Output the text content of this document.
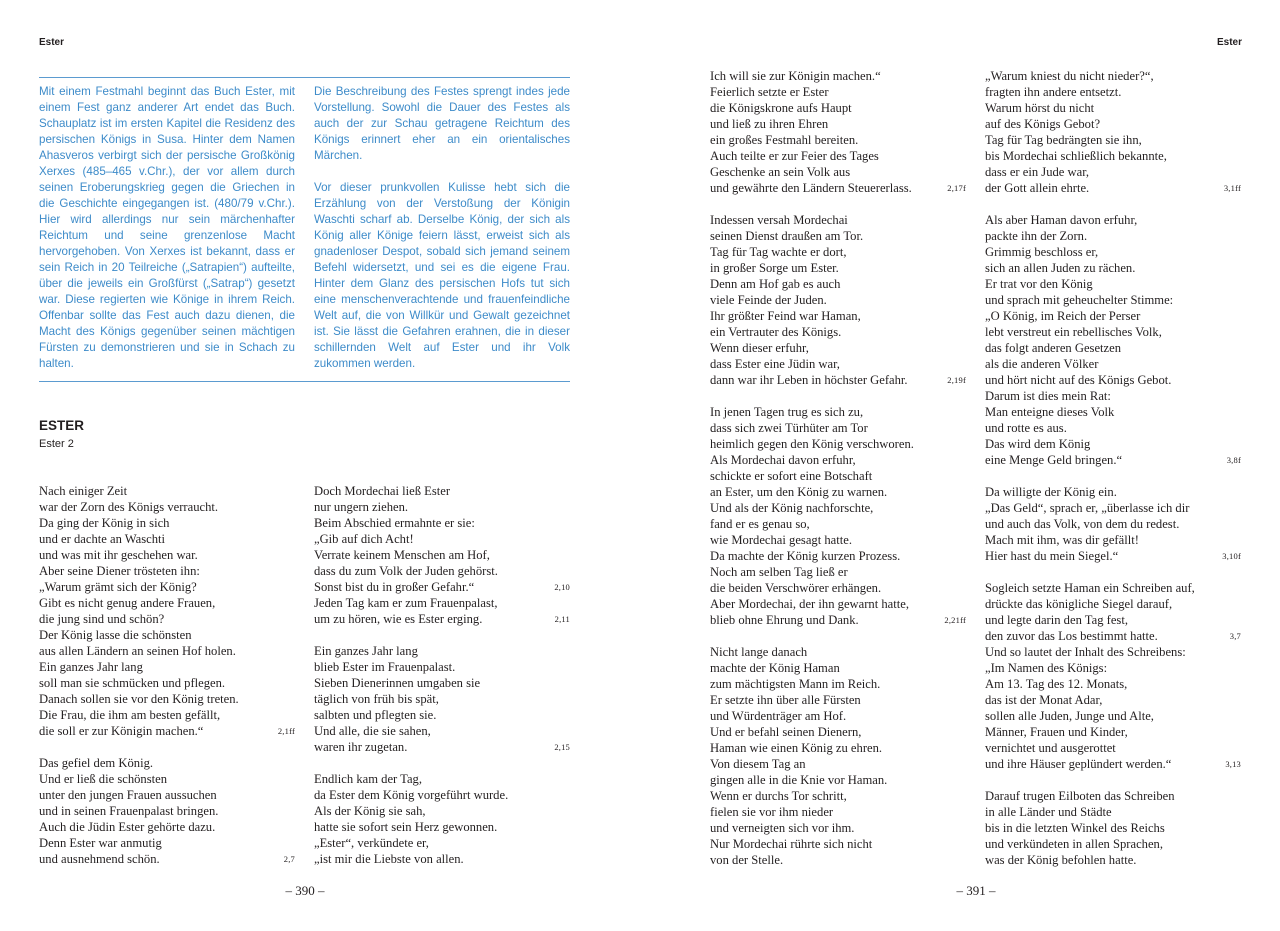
Ester

Mit einem Festmahl beginnt das Buch Ester, mit einem Fest ganz anderer Art endet das Buch. Schauplatz ist im ersten Kapitel die Residenz des persischen Königs in Susa. Hinter dem Namen Ahasveros verbirgt sich der persische Großkönig Xerxes (485–465 v.Chr.), der vor allem durch seinen Eroberungskrieg gegen die Griechen in die Geschichte eingegangen ist. (480/79 v.Chr.). Hier wird allerdings nur sein märchenhafter Reichtum und seine grenzenlose Macht hervorgehoben. Von Xerxes ist bekannt, dass er sein Reich in 20 Teilreiche („Satrapien“) aufteilte, über die jeweils ein Großfürst („Satrap“) gesetzt war. Diese regierten wie Könige in ihrem Reich. Offenbar sollte das Fest auch dazu dienen, die Macht des Königs gegenüber seinen mächtigen Fürsten zu demonstrieren und sie in Schach zu halten.

Die Beschreibung des Festes sprengt indes jede Vorstellung. Sowohl die Dauer des Festes als auch der zur Schau getragene Reichtum des Königs erinnert eher an ein orientalisches Märchen.

Vor dieser prunkvollen Kulisse hebt sich die Erzählung von der Verstoßung der Königin Waschti scharf ab. Derselbe König, der sich als König aller Könige feiern lässt, erweist sich als gnadenloser Despot, sobald sich jemand seinem Befehl widersetzt, und sei es die eigene Frau. Hinter dem Glanz des persischen Hofs tut sich eine menschenverachtende und frauenfeindliche Welt auf, die von Willkür und Gewalt gezeichnet ist. Sie lässt die Gefahren erahnen, die in dieser schillernden Welt auf Ester und ihr Volk zukommen werden.

ESTER

Ester 2

Nach einiger Zeit
war der Zorn des Königs verraucht.
Da ging der König in sich
und er dachte an Waschti
und was mit ihr geschehen war.
Aber seine Diener trösteten ihn:
„Warum grämt sich der König?
Gibt es nicht genug andere Frauen,
die jung sind und schön?
Der König lasse die schönsten
aus allen Ländern an seinen Hof holen.
Ein ganzes Jahr lang
soll man sie schmücken und pflegen.
Danach sollen sie vor den König treten.
Die Frau, die ihm am besten gefällt,
die soll er zur Königin machen.“	2,1ff
Das gefiel dem König.
Und er ließ die schönsten
unter den jungen Frauen aussuchen
und in seinen Frauenpalast bringen.
Auch die Jüdin Ester gehörte dazu.
Denn Ester war anmutig
und ausnehmend schön.	2,7
Doch Mordechai ließ Ester
nur ungern ziehen.
Beim Abschied ermahnte er sie:
„Gib auf dich Acht!
Verrate keinem Menschen am Hof,
dass du zum Volk der Juden gehörst.
Sonst bist du in großer Gefahr.“	2,10
Jeden Tag kam er zum Frauenpalast,
um zu hören, wie es Ester erging.	2,11
Ein ganzes Jahr lang
blieb Ester im Frauenpalast.
Sieben Dienerinnen umgaben sie
täglich von früh bis spät,
salbten und pflegten sie.
Und alle, die sie sahen,
waren ihr zugetan.	2,15
Endlich kam der Tag,
da Ester dem König vorgeführt wurde.
Als der König sie sah,
hatte sie sofort sein Herz gewonnen.
„Ester“, verkündete er,
„ist mir die Liebste von allen.

– 390 –

Ester

Ich will sie zur Königin machen.“
Feierlich setzte er Ester
die Königskrone aufs Haupt
und ließ zu ihren Ehren
ein großes Festmahl bereiten.
Auch teilte er zur Feier des Tages
Geschenke an sein Volk aus
und gewährte den Ländern Steuererlass.	2,17f
Indessen versah Mordechai
seinen Dienst draußen am Tor.
Tag für Tag wachte er dort,
in großer Sorge um Ester.
Denn am Hof gab es auch
viele Feinde der Juden.
Ihr größter Feind war Haman,
ein Vertrauter des Königs.
Wenn dieser erfuhr,
dass Ester eine Jüdin war,
dann war ihr Leben in höchster Gefahr.	2,19f
In jenen Tagen trug es sich zu,
dass sich zwei Türhüter am Tor
heimlich gegen den König verschworen.
Als Mordechai davon erfuhr,
schickte er sofort eine Botschaft
an Ester, um den König zu warnen.
Und als der König nachforschte,
fand er es genau so,
wie Mordechai gesagt hatte.
Da machte der König kurzen Prozess.
Noch am selben Tag ließ er
die beiden Verschwörer erhängen.
Aber Mordechai, der ihn gewarnt hatte,
blieb ohne Ehrung und Dank.	2,21ff
Nicht lange danach
machte der König Haman
zum mächtigsten Mann im Reich.
Er setzte ihn über alle Fürsten
und Würdenträger am Hof.
Und er befahl seinen Dienern,
Haman wie einen König zu ehren.
Von diesem Tag an
gingen alle in die Knie vor Haman.
Wenn er durchs Tor schritt,
fielen sie vor ihm nieder
und verneigten sich vor ihm.
Nur Mordechai rührte sich nicht
von der Stelle.
„Warum kniest du nicht nieder?“,
fragten ihn andere entsetzt.
Warum hörst du nicht
auf des Königs Gebot?
Tag für Tag bedrängten sie ihn,
bis Mordechai schließlich bekannte,
dass er ein Jude war,
der Gott allein ehrte.	3,1ff
Als aber Haman davon erfuhr,
packte ihn der Zorn.
Grimmig beschloss er,
sich an allen Juden zu rächen.
Er trat vor den König
und sprach mit geheuchelter Stimme:
„O König, im Reich der Perser
lebt verstreut ein rebellisches Volk,
das folgt anderen Gesetzen
als die anderen Völker
und hört nicht auf des Königs Gebot.
Darum ist dies mein Rat:
Man enteigne dieses Volk
und rotte es aus.
Das wird dem König
eine Menge Geld bringen.“	3,8f
Da willigte der König ein.
„Das Geld“, sprach er, „überlasse ich dir
und auch das Volk, von dem du redest.
Mach mit ihm, was dir gefällt!
Hier hast du mein Siegel.“	3,10f
Sogleich setzte Haman ein Schreiben auf,
drückte das königliche Siegel darauf,
und legte darin den Tag fest,
den zuvor das Los bestimmt hatte.	3,7
Und so lautet der Inhalt des Schreibens:
„Im Namen des Königs:
Am 13. Tag des 12. Monats,
das ist der Monat Adar,
sollen alle Juden, Junge und Alte,
Männer, Frauen und Kinder,
vernichtet und ausgerottet
und ihre Häuser geplündert werden.“	3,13
Darauf trugen Eilboten das Schreiben
in alle Länder und Städte
bis in die letzten Winkel des Reichs
und verkündeten in allen Sprachen,
was der König befohlen hatte.

– 391 –
